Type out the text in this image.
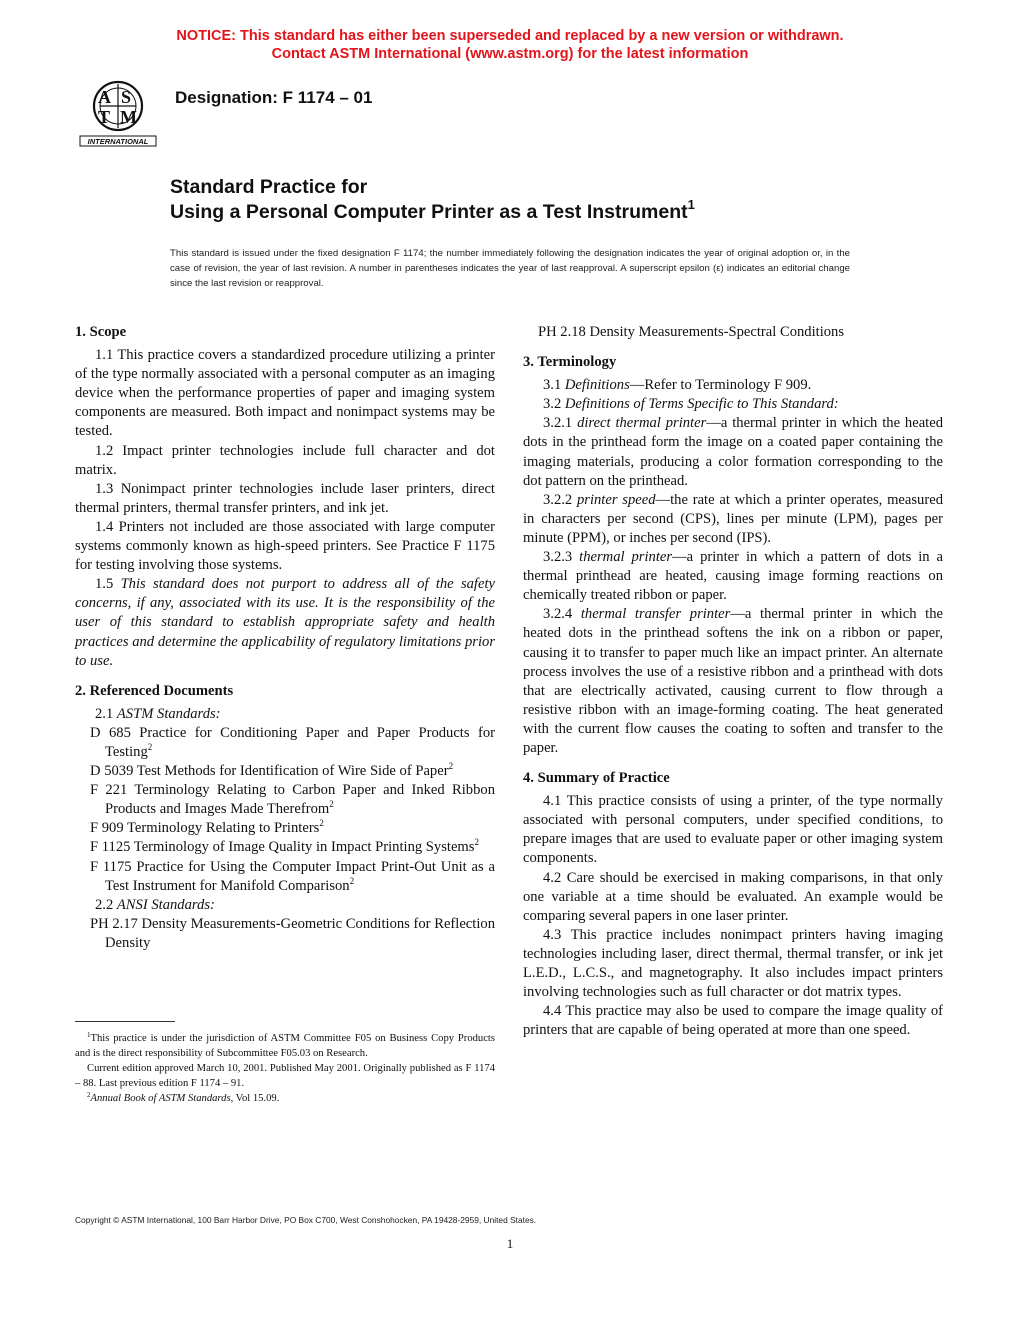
NOTICE: This standard has either been superseded and replaced by a new version or withdrawn.
Contact ASTM International (www.astm.org) for the latest information
A S
T M
INTERNATIONAL
Designation: F 1174 – 01
Standard Practice for
Using a Personal Computer Printer as a Test Instrument$^1$
This standard is issued under the fixed designation F 1174; the number immediately following the designation indicates the year of original adoption or, in the case of revision, the year of last revision. A number in parentheses indicates the year of last reapproval. A superscript epsilon (ε) indicates an editorial change since the last revision or reapproval.
1. Scope

1.1 This practice covers a standardized procedure utilizing a printer of the type normally associated with a personal computer as an imaging device when the performance properties of paper and imaging system components are measured. Both impact and nonimpact systems may be tested.

1.2 Impact printer technologies include full character and dot matrix.

1.3 Nonimpact printer technologies include laser printers, direct thermal printers, thermal transfer printers, and ink jet.

1.4 Printers not included are those associated with large computer systems commonly known as high-speed printers. See Practice F 1175 for testing involving those systems.

1.5 This standard does not purport to address all of the safety concerns, if any, associated with its use. It is the responsibility of the user of this standard to establish appropriate safety and health practices and determine the applicability of regulatory limitations prior to use.

2. Referenced Documents

2.1 ASTM Standards:

D 685 Practice for Conditioning Paper and Paper Products for Testing$^2$

D 5039 Test Methods for Identification of Wire Side of Paper$^2$

F 221 Terminology Relating to Carbon Paper and Inked Ribbon Products and Images Made Therefrom$^2$

F 909 Terminology Relating to Printers$^2$

F 1125 Terminology of Image Quality in Impact Printing Systems$^2$

F 1175 Practice for Using the Computer Impact Print-Out Unit as a Test Instrument for Manifold Comparison$^2$

2.2 ANSI Standards:

PH 2.17 Density Measurements-Geometric Conditions for Reflection Density

PH 2.18 Density Measurements-Spectral Conditions

3. Terminology

3.1 Definitions—Refer to Terminology F 909.

3.2 Definitions of Terms Specific to This Standard:

3.2.1 direct thermal printer—a thermal printer in which the heated dots in the printhead form the image on a coated paper containing the imaging materials, producing a color formation corresponding to the dot pattern on the printhead.

3.2.2 printer speed—the rate at which a printer operates, measured in characters per second (CPS), lines per minute (LPM), pages per minute (PPM), or inches per second (IPS).

3.2.3 thermal printer—a printer in which a pattern of dots in a thermal printhead are heated, causing image forming reactions on chemically treated ribbon or paper.

3.2.4 thermal transfer printer—a thermal printer in which the heated dots in the printhead softens the ink on a ribbon or paper, causing it to transfer to paper much like an impact printer. An alternate process involves the use of a resistive ribbon and a printhead with dots that are electrically activated, causing current to flow through a resistive ribbon with an image-forming coating. The heat generated with the current flow causes the coating to soften and transfer to the paper.

4. Summary of Practice

4.1 This practice consists of using a printer, of the type normally associated with personal computers, under specified conditions, to prepare images that are used to evaluate paper or other imaging system components.

4.2 Care should be exercised in making comparisons, in that only one variable at a time should be evaluated. An example would be comparing several papers in one laser printer.

4.3 This practice includes nonimpact printers having imaging technologies including laser, direct thermal, thermal transfer, or ink jet L.E.D., L.C.S., and magnetography. It also includes impact printers involving technologies such as full character or dot matrix types.

4.4 This practice may also be used to compare the image quality of printers that are capable of being operated at more than one speed.

$^1$This practice is under the jurisdiction of ASTM Committee F05 on Business Copy Products and is the direct responsibility of Subcommittee F05.03 on Research.

Current edition approved March 10, 2001. Published May 2001. Originally published as F 1174 – 88. Last previous edition F 1174 – 91.

$^2$Annual Book of ASTM Standards, Vol 15.09.

Copyright © ASTM International, 100 Barr Harbor Drive, PO Box C700, West Conshohocken, PA 19428-2959, United States.
1
